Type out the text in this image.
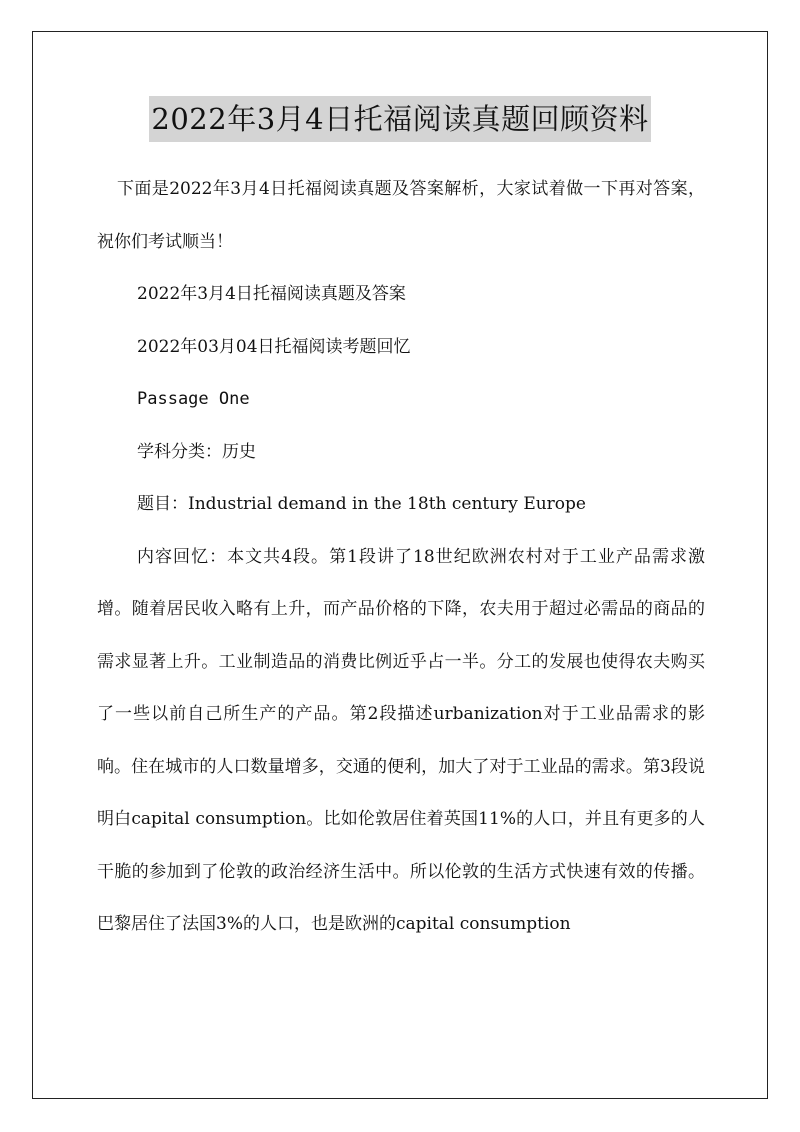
2022年3月4日托福阅读真题回顾资料

下面是2022年3月4日托福阅读真题及答案解析，大家试着做一下再对答案，祝你们考试顺当！

2022年3月4日托福阅读真题及答案

2022年03月04日托福阅读考题回忆

Passage One

学科分类：历史

题目：Industrial demand in the 18th century Europe

内容回忆：本文共4段。第1段讲了18世纪欧洲农村对于工业产品需求激增。随着居民收入略有上升，而产品价格的下降，农夫用于超过必需品的商品的需求显著上升。工业制造品的消费比例近乎占一半。分工的发展也使得农夫购买了一些以前自己所生产的产品。第2段描述urbanization对于工业品需求的影响。住在城市的人口数量增多，交通的便利，加大了对于工业品的需求。第3段说明白capital consumption。比如伦敦居住着英国11%的人口，并且有更多的人干脆的参加到了伦敦的政治经济生活中。所以伦敦的生活方式快速有效的传播。巴黎居住了法国3%的人口，也是欧洲的capital consumption
